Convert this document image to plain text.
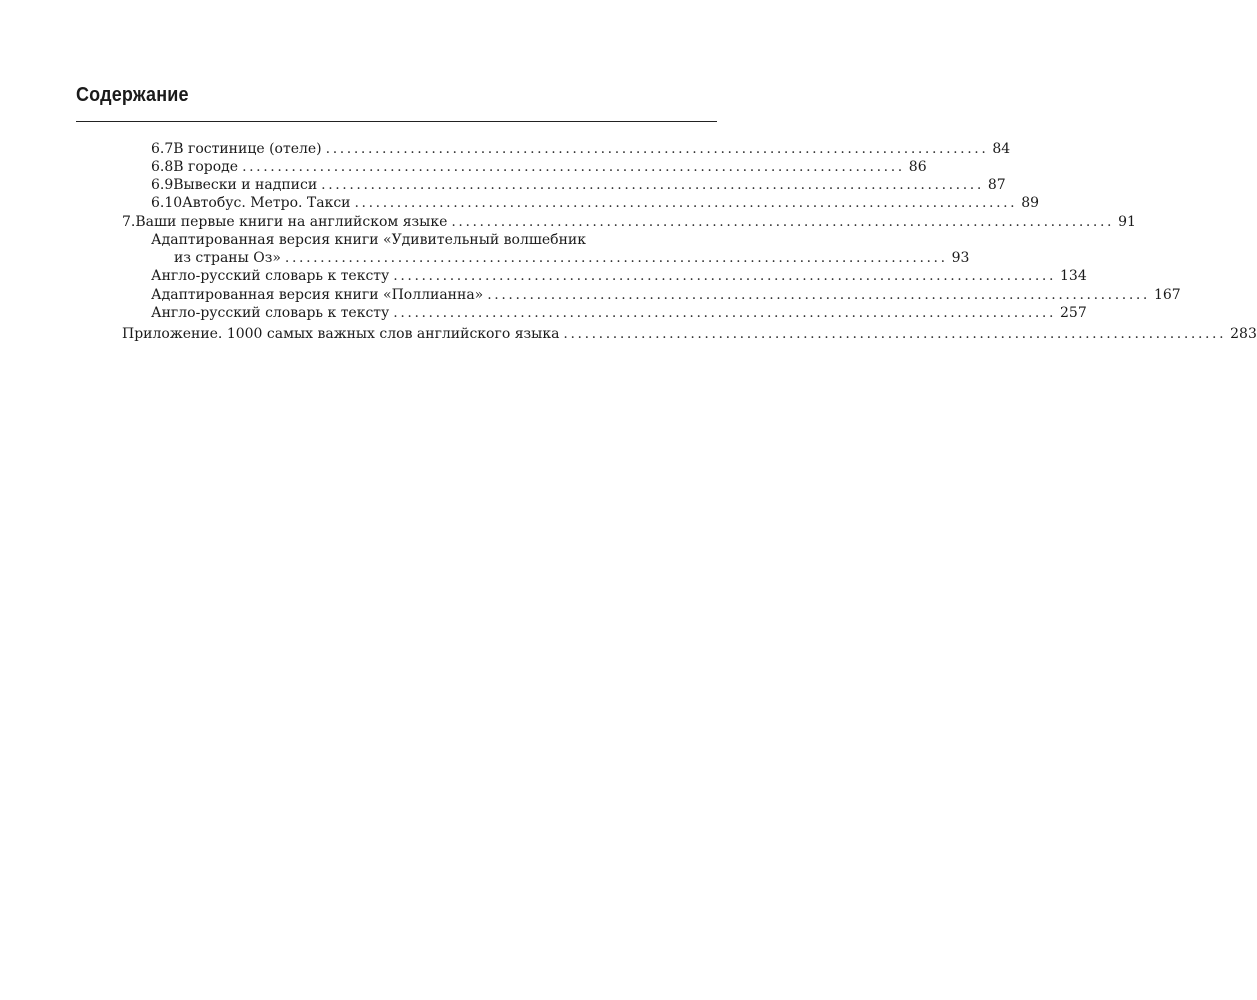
Содержание
6.7 В гостинице (отеле) .............................................................................................. 84
6.8 В городе .............................................................................................. 86
6.9 Вывески и надписи .............................................................................................. 87
6.10 Автобус. Метро. Такси .............................................................................................. 89
7. Ваши первые книги на английском языке .............................................................................................. 91
Адаптированная версия книги «Удивительный волшебник
из страны Оз» .............................................................................................. 93
Англо-русский словарь к тексту .............................................................................................. 134
Адаптированная версия книги «Поллианна» .............................................................................................. 167
Англо-русский словарь к тексту .............................................................................................. 257
Приложение. 1000 самых важных слов английского языка .............................................................................................. 283
